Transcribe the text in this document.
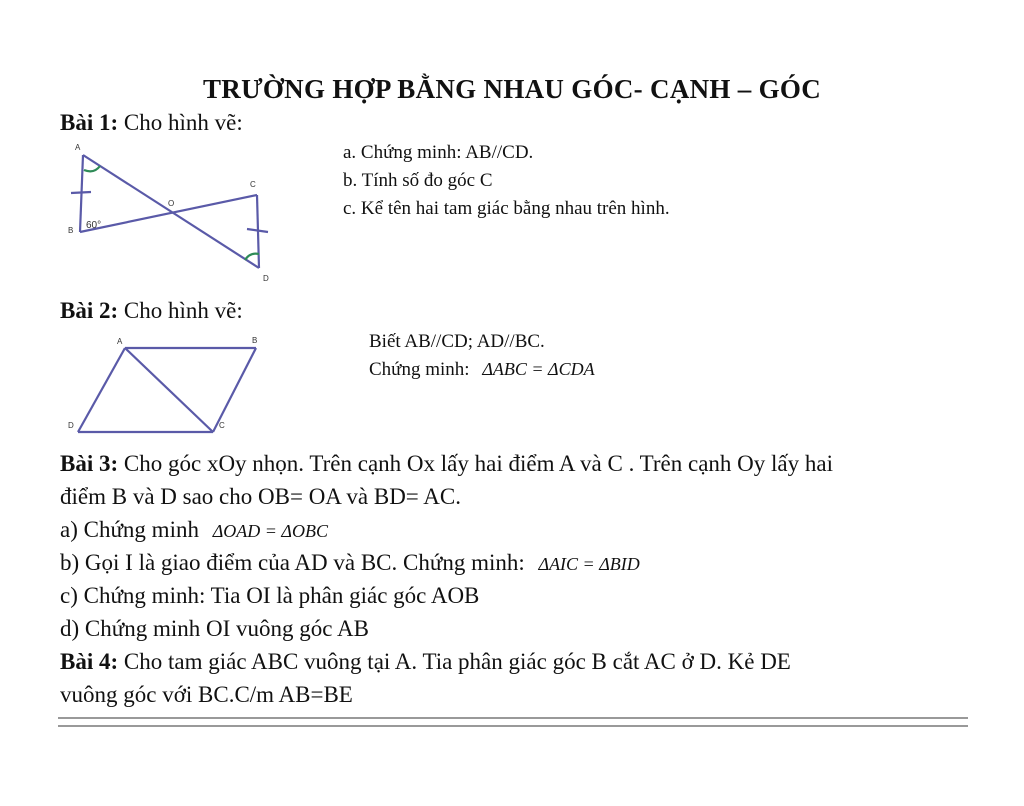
TRƯỜNG HỢP BẰNG NHAU GÓC- CẠNH – GÓC
Bài 1: Cho hình vẽ:
A
B
C
D
O
60°
a. Chứng minh: AB//CD.
b. Tính số đo góc C
c. Kể tên hai tam giác bằng nhau trên hình.
Bài 2: Cho hình vẽ:
A	B
C
D
Biết AB//CD; AD//BC.
Chứng minh: ΔABC = ΔCDA
Bài 3: Cho góc xOy nhọn. Trên cạnh Ox lấy hai điểm A và C . Trên cạnh Oy lấy hai
điểm B và D sao cho OB= OA và BD= AC.
a) Chứng minh ΔOAD = ΔOBC
b) Gọi I là giao điểm của AD và BC. Chứng minh: ΔAIC = ΔBID
c) Chứng minh: Tia OI là phân giác góc AOB
d) Chứng minh OI vuông góc AB
Bài 4: Cho tam giác ABC vuông tại A. Tia phân giác góc B cắt AC ở D. Kẻ DE
vuông góc với BC.C/m AB=BE
